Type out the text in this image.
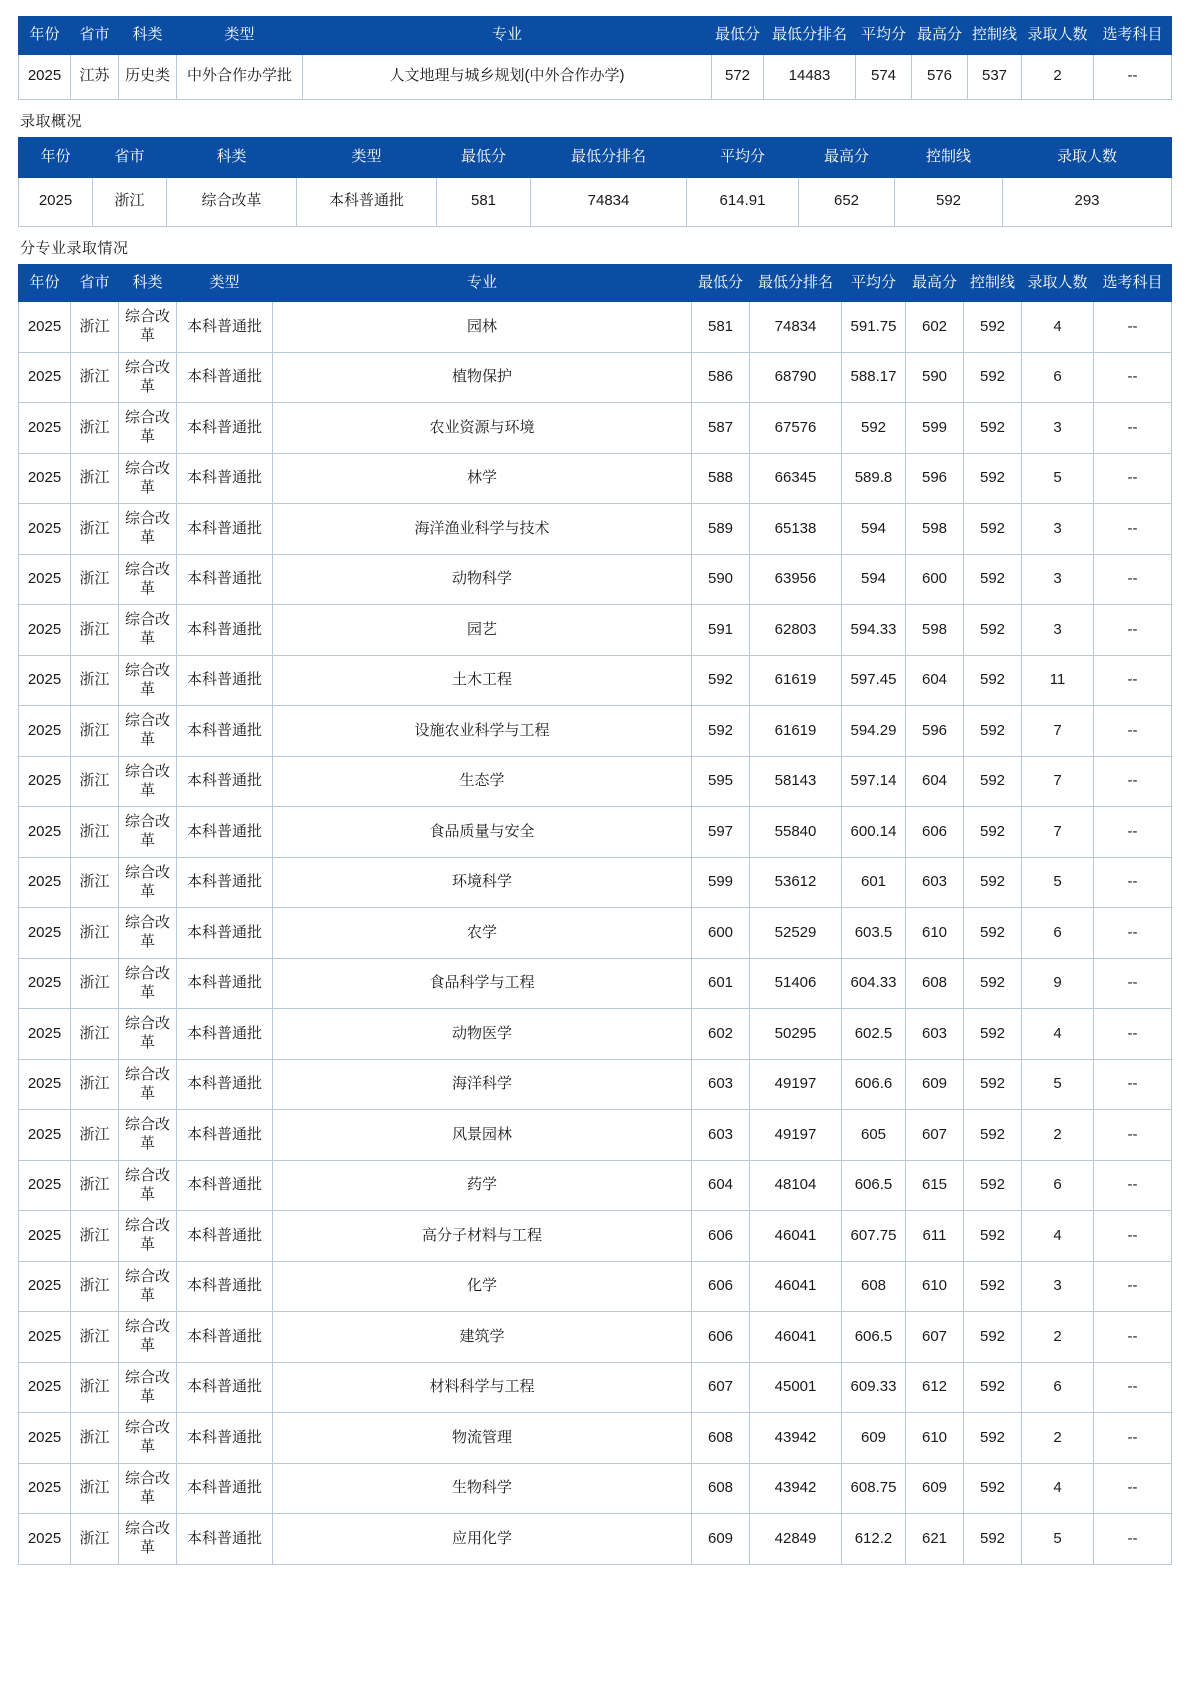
年份	省市	科类	类型	专业	最低分	最低分排名	平均分	最高分	控制线	录取人数	选考科目
2025	江苏	历史类	中外合作办学批	人文地理与城乡规划(中外合作办学)	572	14483	574	576	537	2	--
录取概况
年份	省市	科类	类型	最低分	最低分排名	平均分	最高分	控制线	录取人数
2025	浙江	综合改革	本科普通批	581	74834	614.91	652	592	293
分专业录取情况
年份	省市	科类	类型	专业	最低分	最低分排名	平均分	最高分	控制线	录取人数	选考科目
2025	浙江	综合改革	本科普通批	园林	581	74834	591.75	602	592	4	--
2025	浙江	综合改革	本科普通批	植物保护	586	68790	588.17	590	592	6	--
2025	浙江	综合改革	本科普通批	农业资源与环境	587	67576	592	599	592	3	--
2025	浙江	综合改革	本科普通批	林学	588	66345	589.8	596	592	5	--
2025	浙江	综合改革	本科普通批	海洋渔业科学与技术	589	65138	594	598	592	3	--
2025	浙江	综合改革	本科普通批	动物科学	590	63956	594	600	592	3	--
2025	浙江	综合改革	本科普通批	园艺	591	62803	594.33	598	592	3	--
2025	浙江	综合改革	本科普通批	土木工程	592	61619	597.45	604	592	11	--
2025	浙江	综合改革	本科普通批	设施农业科学与工程	592	61619	594.29	596	592	7	--
2025	浙江	综合改革	本科普通批	生态学	595	58143	597.14	604	592	7	--
2025	浙江	综合改革	本科普通批	食品质量与安全	597	55840	600.14	606	592	7	--
2025	浙江	综合改革	本科普通批	环境科学	599	53612	601	603	592	5	--
2025	浙江	综合改革	本科普通批	农学	600	52529	603.5	610	592	6	--
2025	浙江	综合改革	本科普通批	食品科学与工程	601	51406	604.33	608	592	9	--
2025	浙江	综合改革	本科普通批	动物医学	602	50295	602.5	603	592	4	--
2025	浙江	综合改革	本科普通批	海洋科学	603	49197	606.6	609	592	5	--
2025	浙江	综合改革	本科普通批	风景园林	603	49197	605	607	592	2	--
2025	浙江	综合改革	本科普通批	药学	604	48104	606.5	615	592	6	--
2025	浙江	综合改革	本科普通批	高分子材料与工程	606	46041	607.75	611	592	4	--
2025	浙江	综合改革	本科普通批	化学	606	46041	608	610	592	3	--
2025	浙江	综合改革	本科普通批	建筑学	606	46041	606.5	607	592	2	--
2025	浙江	综合改革	本科普通批	材料科学与工程	607	45001	609.33	612	592	6	--
2025	浙江	综合改革	本科普通批	物流管理	608	43942	609	610	592	2	--
2025	浙江	综合改革	本科普通批	生物科学	608	43942	608.75	609	592	4	--
2025	浙江	综合改革	本科普通批	应用化学	609	42849	612.2	621	592	5	--
